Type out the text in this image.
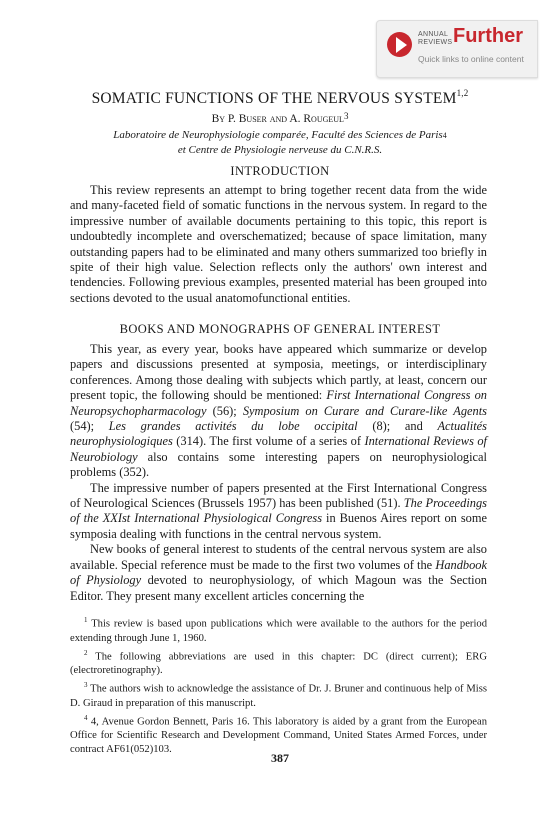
ANNUAL
REVIEWS Further
Quick links to online content
SOMATIC FUNCTIONS OF THE NERVOUS SYSTEM$^{1,2}$
By P. Buser and A. Rougeul$^3$
Laboratoire de Neurophysiologie comparée, Faculté des Sciences de Paris$^4$
et Centre de Physiologie nerveuse du C.N.R.S.
INTRODUCTION

This review represents an attempt to bring together recent data from the wide and many-faceted field of somatic functions in the nervous system. In regard to the impressive number of available documents pertaining to this topic, this report is undoubtedly incomplete and overschematized; because of space limitation, many outstanding papers had to be eliminated and many others summarized too briefly in spite of their high value. Selection reflects only the authors' own interest and tendencies. Following previous examples, presented material has been grouped into sections devoted to the usual anatomofunctional entities.

BOOKS AND MONOGRAPHS OF GENERAL INTEREST

This year, as every year, books have appeared which summarize or develop papers and discussions presented at symposia, meetings, or interdisciplinary conferences. Among those dealing with subjects which partly, at least, concern our present topic, the following should be mentioned: First International Congress on Neuropsychopharmacology (56); Symposium on Curare and Curare-like Agents (54); Les grandes activités du lobe occipital (8); and Actualités neurophysiologiques (314). The first volume of a series of International Reviews of Neurobiology also contains some interesting papers on neurophysiological problems (352).

The impressive number of papers presented at the First International Congress of Neurological Sciences (Brussels 1957) has been published (51). The Proceedings of the XXIst International Physiological Congress in Buenos Aires report on some symposia dealing with functions in the central nervous system.

New books of general interest to students of the central nervous system are also available. Special reference must be made to the first two volumes of the Handbook of Physiology devoted to neurophysiology, of which Magoun was the Section Editor. They present many excellent articles concerning the

$^1$ This review is based upon publications which were available to the authors for the period extending through June 1, 1960.

$^2$ The following abbreviations are used in this chapter: DC (direct current); ERG (electroretinography).

$^3$ The authors wish to acknowledge the assistance of Dr. J. Bruner and continuous help of Miss D. Giraud in preparation of this manuscript.

$^4$ 4, Avenue Gordon Bennett, Paris 16. This laboratory is aided by a grant from the European Office for Scientific Research and Development Command, United States Armed Forces, under contract AF61(052)103.

387
